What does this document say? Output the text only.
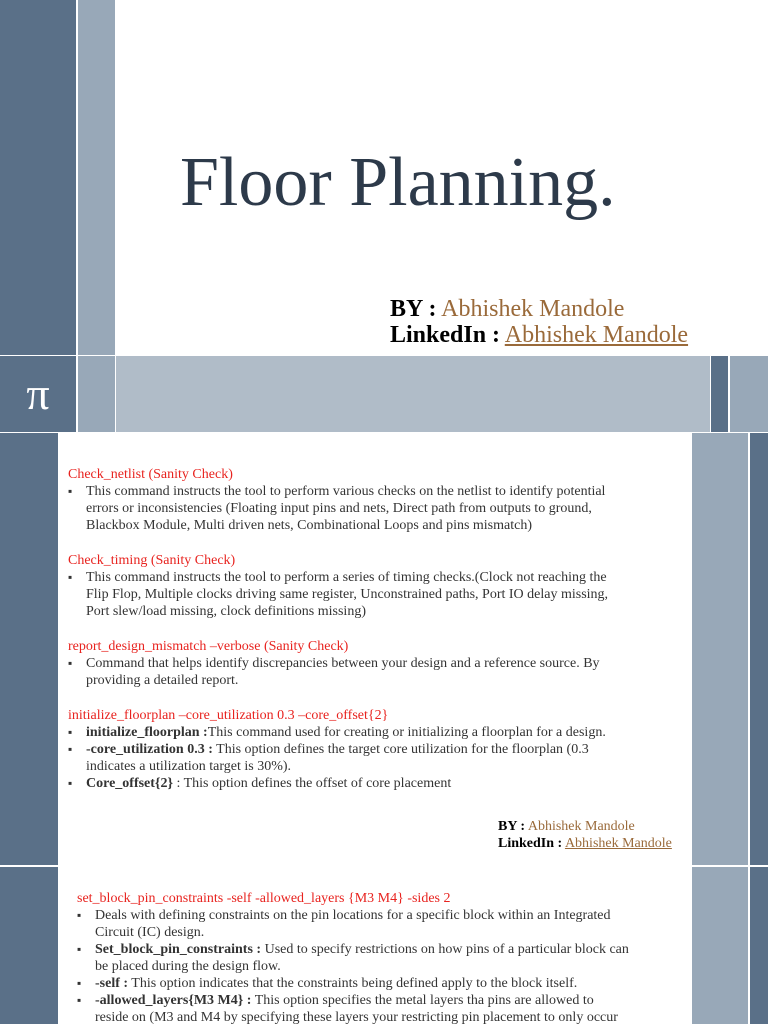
π
Floor Planning.
BY : Abhishek Mandole
LinkedIn : Abhishek Mandole
Check_netlist (Sanity Check)
▪ This command instructs the tool to perform various checks on the netlist to identify potential errors or inconsistencies (Floating input pins and nets, Direct path from outputs to ground, Blackbox Module, Multi driven nets, Combinational Loops and pins mismatch)
Check_timing (Sanity Check)
▪ This command instructs the tool to perform a series of timing checks.(Clock not reaching the Flip Flop, Multiple clocks driving same register, Unconstrained paths, Port IO delay missing, Port slew/load missing, clock definitions missing)
report_design_mismatch –verbose (Sanity Check)
▪ Command that helps identify discrepancies between your design and a reference source. By providing a detailed report.
initialize_floorplan –core_utilization 0.3 –core_offset{2}
▪ initialize_floorplan :This command used for creating or initializing a floorplan for a design.
▪ -core_utilization 0.3 : This option defines the target core utilization for the floorplan (0.3 indicates a utilization target is 30%).
▪ Core_offset{2} : This option defines the offset of core placement
BY : Abhishek Mandole
LinkedIn : Abhishek Mandole
set_block_pin_constraints -self -allowed_layers {M3 M4} -sides 2
▪ Deals with defining constraints on the pin locations for a specific block within an Integrated Circuit (IC) design.
▪ Set_block_pin_constraints : Used to specify restrictions on how pins of a particular block can be placed during the design flow.
▪ -self : This option indicates that the constraints being defined apply to the block itself.
▪ -allowed_layers{M3 M4} : This option specifies the metal layers tha pins are allowed to reside on (M3 and M4 by specifying these layers your restricting pin placement to only occur
